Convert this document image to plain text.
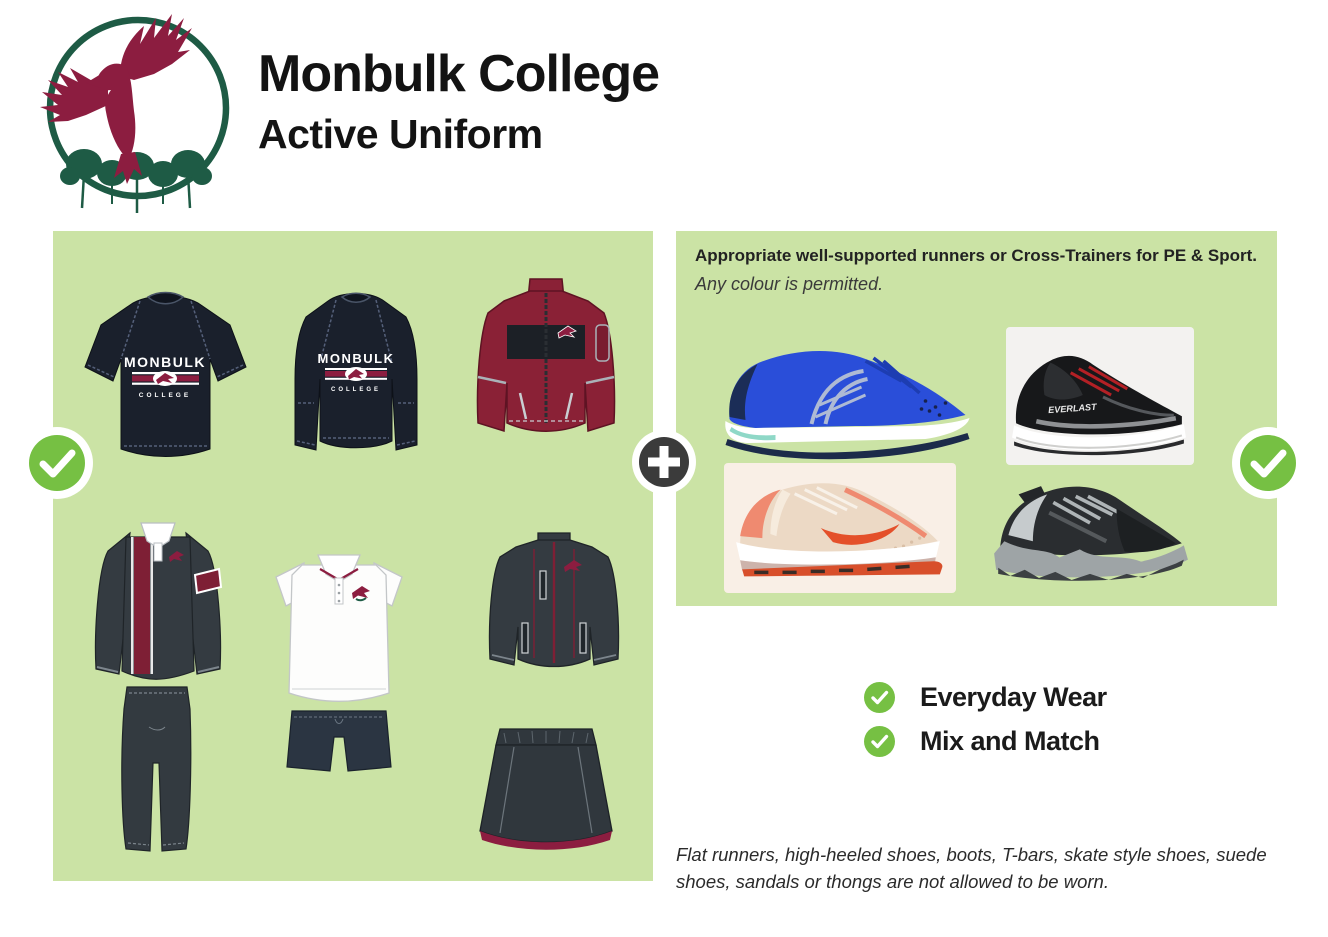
Monbulk College
Active Uniform
MONBULK
COLLEGE
MONBULK
COLLEGE

Appropriate well-supported runners or Cross-Trainers for PE & Sport.

Any colour is permitted.

EVERLAST
Everyday Wear
Mix and Match

Flat runners, high-heeled shoes, boots, T-bars, skate style shoes, suede shoes, sandals or thongs are not allowed to be worn.
